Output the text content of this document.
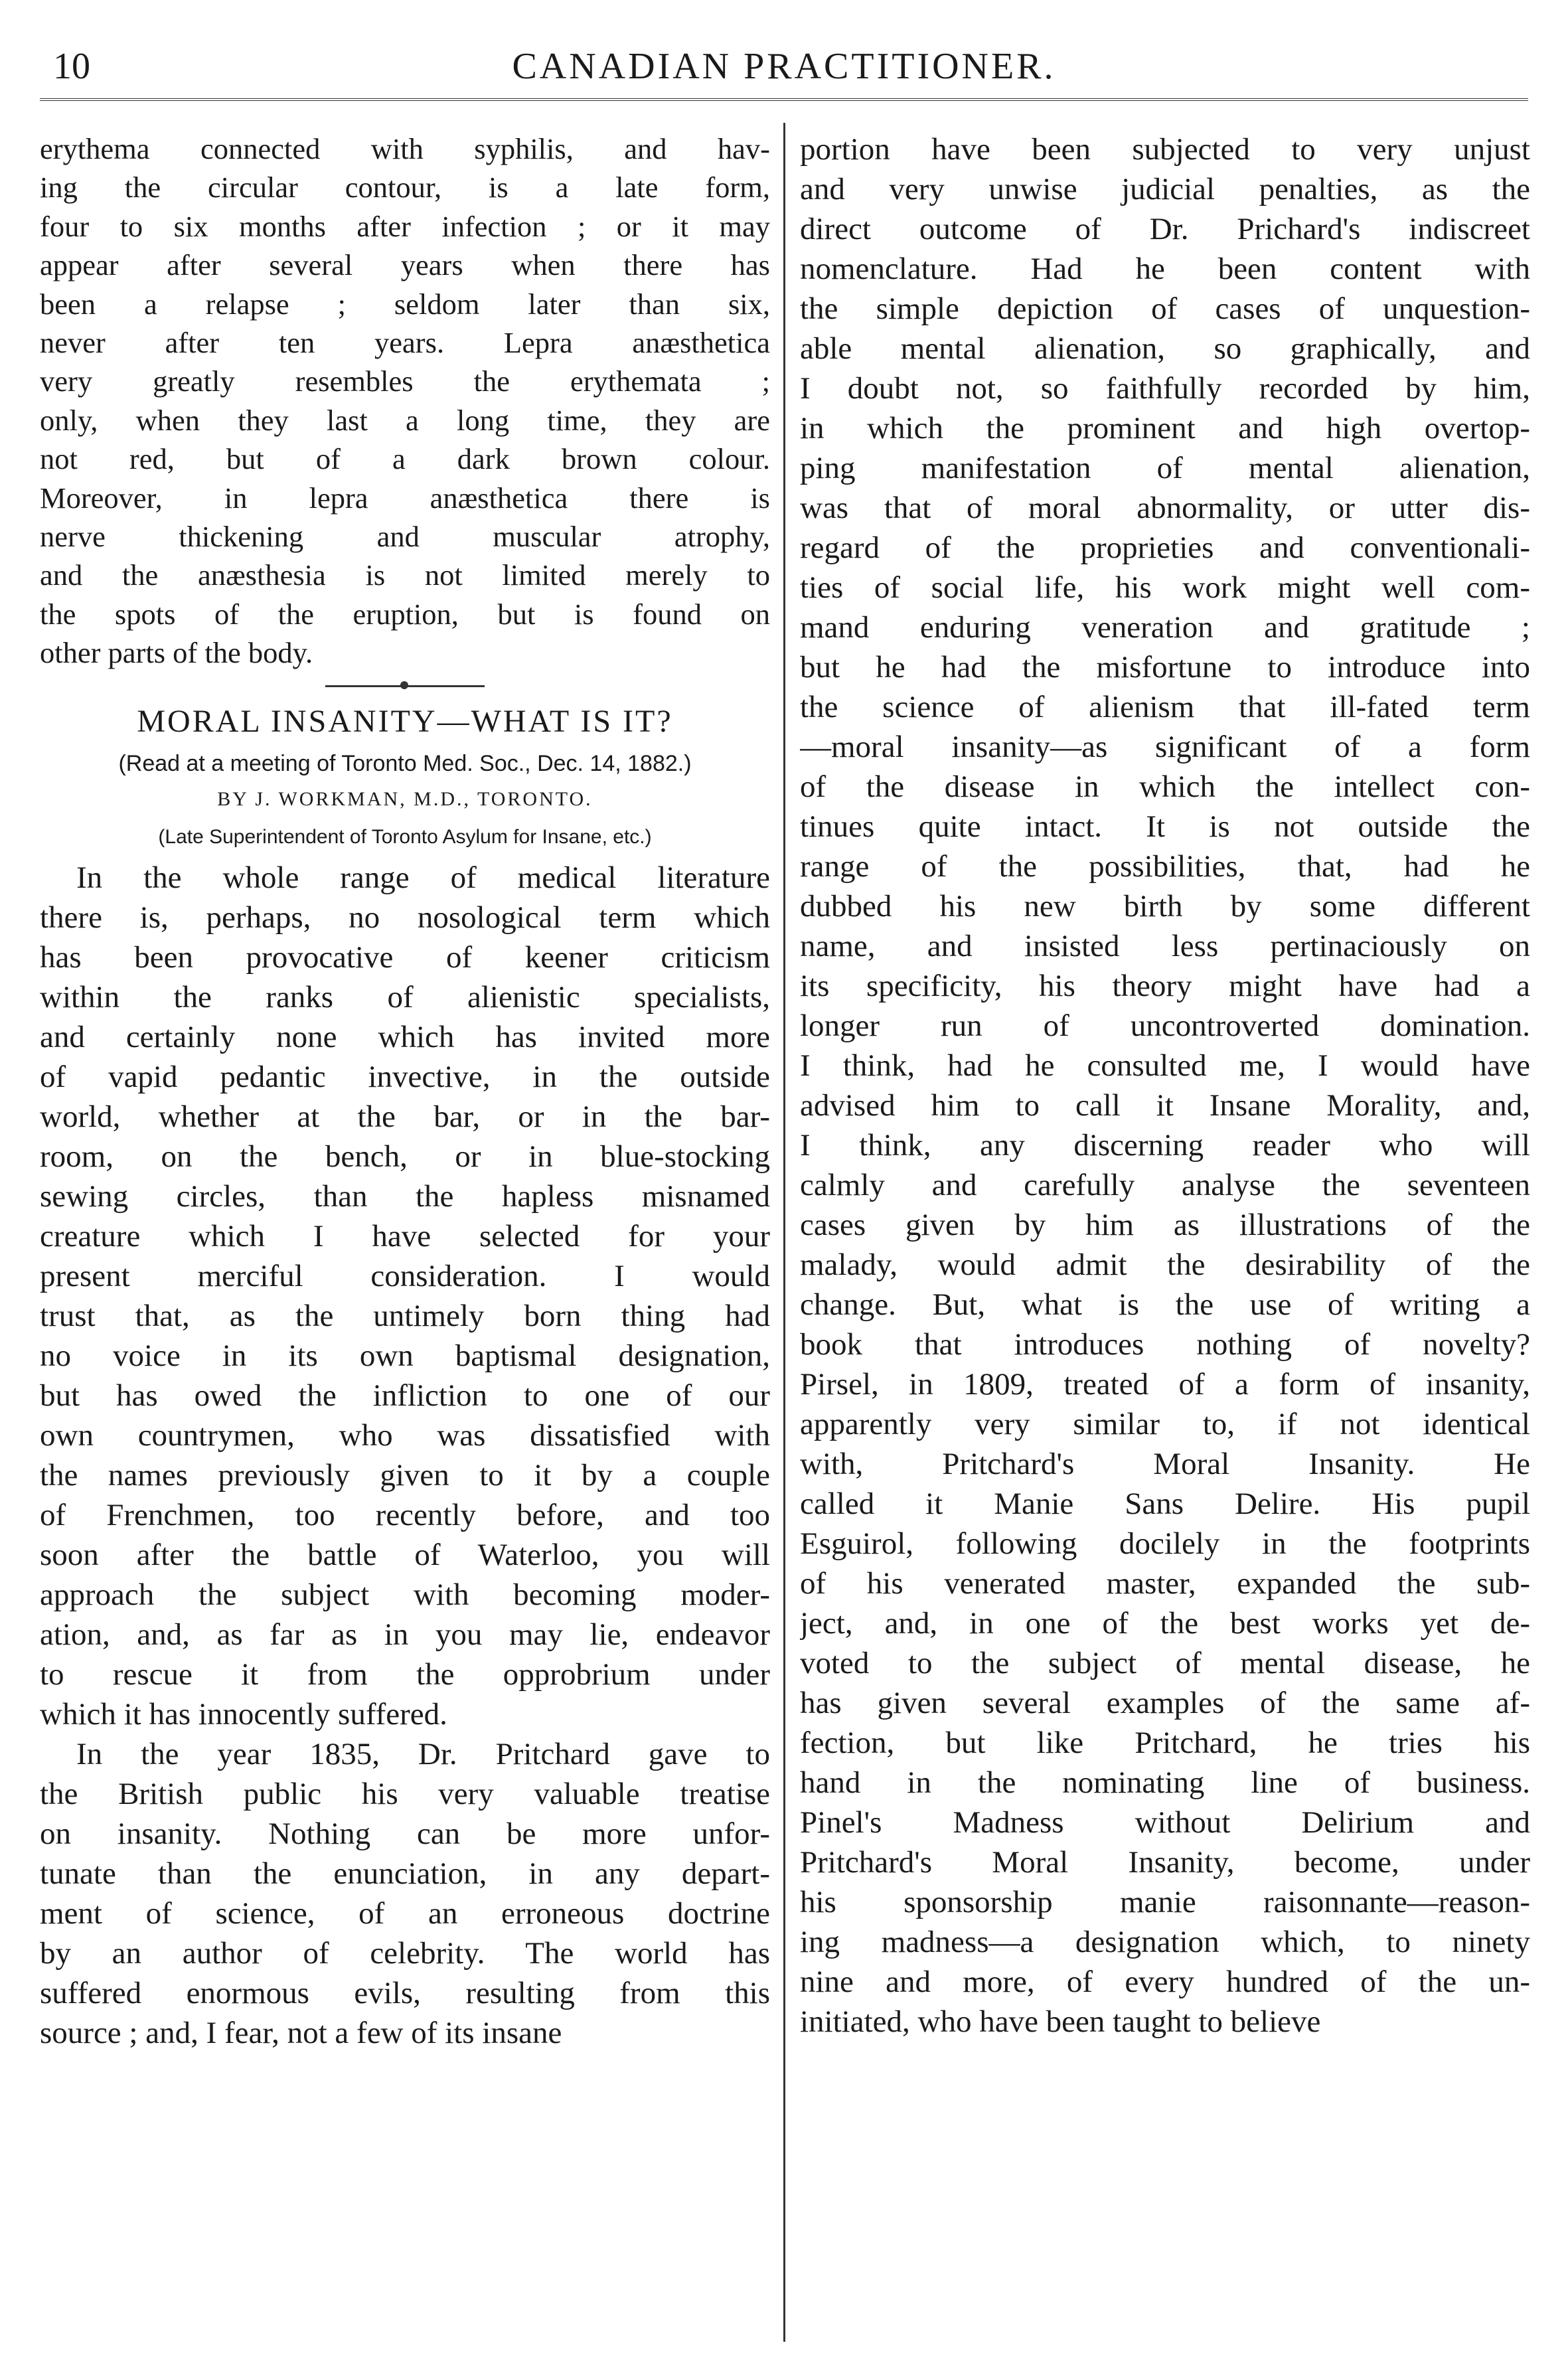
10	CANADIAN PRACTITIONER.
erythema connected with syphilis, and hav-
ing the circular contour, is a late form,
four to six months after infection ; or it may
appear after several years when there has
been a relapse ; seldom later than six,
never after ten years. Lepra anæsthetica
very greatly resembles the erythemata ;
only, when they last a long time, they are
not red, but of a dark brown colour.
Moreover, in lepra anæsthetica there is
nerve thickening and muscular atrophy,
and the anæsthesia is not limited merely to
the spots of the eruption, but is found on
other parts of the body.
MORAL INSANITY—WHAT IS IT?
(Read at a meeting of Toronto Med. Soc., Dec. 14, 1882.)
BY J. WORKMAN, M.D., TORONTO.
(Late Superintendent of Toronto Asylum for Insane, etc.)
In the whole range of medical literature
there is, perhaps, no nosological term which
has been provocative of keener criticism
within the ranks of alienistic specialists,
and certainly none which has invited more
of vapid pedantic invective, in the outside
world, whether at the bar, or in the bar-
room, on the bench, or in blue-stocking
sewing circles, than the hapless misnamed
creature which I have selected for your
present merciful consideration. I would
trust that, as the untimely born thing had
no voice in its own baptismal designation,
but has owed the infliction to one of our
own countrymen, who was dissatisfied with
the names previously given to it by a couple
of Frenchmen, too recently before, and too
soon after the battle of Waterloo, you will
approach the subject with becoming moder-
ation, and, as far as in you may lie, endeavor
to rescue it from the opprobrium under
which it has innocently suffered.
In the year 1835, Dr. Pritchard gave to
the British public his very valuable treatise
on insanity. Nothing can be more unfor-
tunate than the enunciation, in any depart-
ment of science, of an erroneous doctrine
by an author of celebrity. The world has
suffered enormous evils, resulting from this
source ; and, I fear, not a few of its insane
portion have been subjected to very unjust
and very unwise judicial penalties, as the
direct outcome of Dr. Prichard's indiscreet
nomenclature. Had he been content with
the simple depiction of cases of unquestion-
able mental alienation, so graphically, and
I doubt not, so faithfully recorded by him,
in which the prominent and high overtop-
ping manifestation of mental alienation,
was that of moral abnormality, or utter dis-
regard of the proprieties and conventionali-
ties of social life, his work might well com-
mand enduring veneration and gratitude ;
but he had the misfortune to introduce into
the science of alienism that ill-fated term
—moral insanity—as significant of a form
of the disease in which the intellect con-
tinues quite intact. It is not outside the
range of the possibilities, that, had he
dubbed his new birth by some different
name, and insisted less pertinaciously on
its specificity, his theory might have had a
longer run of uncontroverted domination.
I think, had he consulted me, I would have
advised him to call it Insane Morality, and,
I think, any discerning reader who will
calmly and carefully analyse the seventeen
cases given by him as illustrations of the
malady, would admit the desirability of the
change. But, what is the use of writing a
book that introduces nothing of novelty?
Pirsel, in 1809, treated of a form of insanity,
apparently very similar to, if not identical
with, Pritchard's Moral Insanity. He
called it Manie Sans Delire. His pupil
Esguirol, following docilely in the footprints
of his venerated master, expanded the sub-
ject, and, in one of the best works yet de-
voted to the subject of mental disease, he
has given several examples of the same af-
fection, but like Pritchard, he tries his
hand in the nominating line of business.
Pinel's Madness without Delirium and
Pritchard's Moral Insanity, become, under
his sponsorship manie raisonnante—reason-
ing madness—a designation which, to ninety
nine and more, of every hundred of the un-
initiated, who have been taught to believe
